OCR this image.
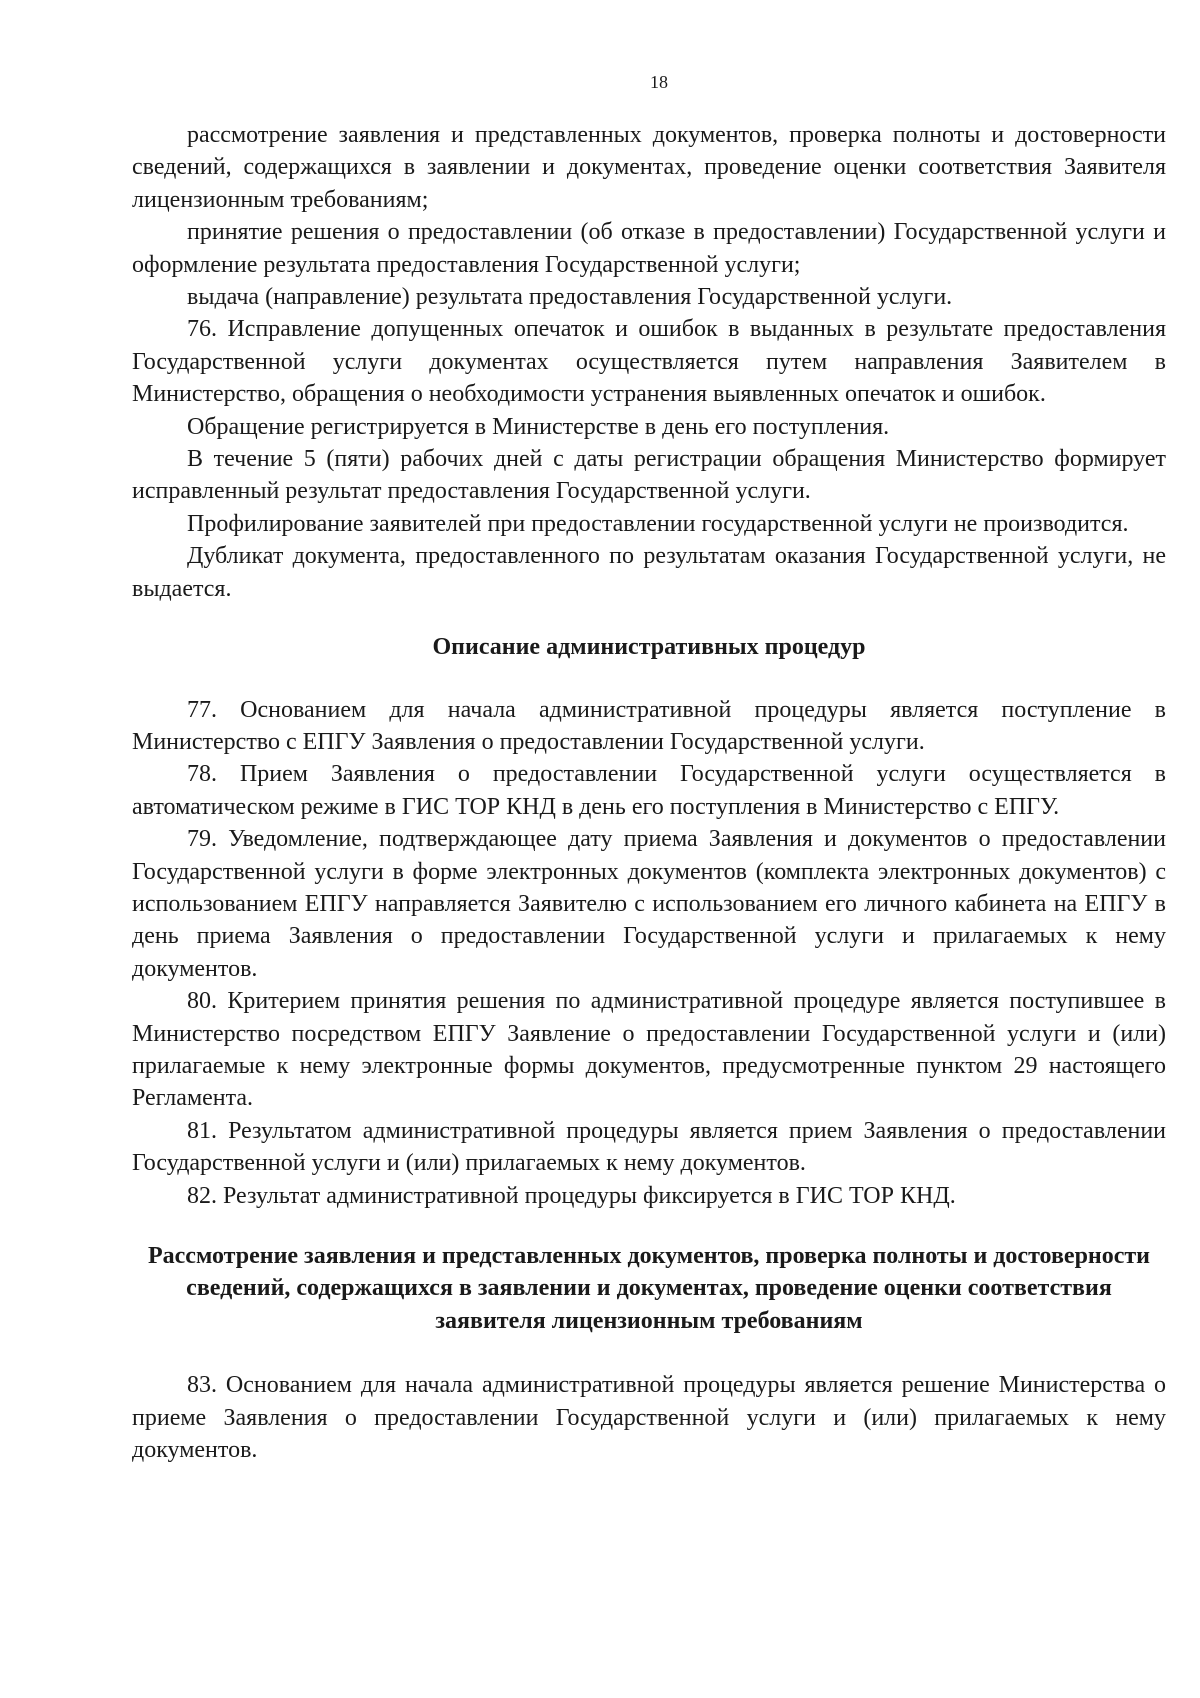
18

рассмотрение заявления и представленных документов, проверка полноты и достоверности сведений, содержащихся в заявлении и документах, проведение оценки соответствия Заявителя лицензионным требованиям;

принятие решения о предоставлении (об отказе в предоставлении) Государственной услуги и оформление результата предоставления Государственной услуги;

выдача (направление) результата предоставления Государственной услуги.

76. Исправление допущенных опечаток и ошибок в выданных в результате предоставления Государственной услуги документах осуществляется путем направления Заявителем в Министерство, обращения о необходимости устранения выявленных опечаток и ошибок.

Обращение регистрируется в Министерстве в день его поступления.

В течение 5 (пяти) рабочих дней с даты регистрации обращения Министерство формирует исправленный результат предоставления Государственной услуги.

Профилирование заявителей при предоставлении государственной услуги не производится.

Дубликат документа, предоставленного по результатам оказания Государственной услуги, не выдается.

Описание административных процедур

77. Основанием для начала административной процедуры является поступление в Министерство с ЕПГУ Заявления о предоставлении Государственной услуги.

78. Прием Заявления о предоставлении Государственной услуги осуществляется в автоматическом режиме в ГИС ТОР КНД в день его поступления в Министерство с ЕПГУ.

79. Уведомление, подтверждающее дату приема Заявления и документов о предоставлении Государственной услуги в форме электронных документов (комплекта электронных документов) с использованием ЕПГУ направляется Заявителю с использованием его личного кабинета на ЕПГУ в день приема Заявления о предоставлении Государственной услуги и прилагаемых к нему документов.

80. Критерием принятия решения по административной процедуре является поступившее в Министерство посредством ЕПГУ Заявление о предоставлении Государственной услуги и (или) прилагаемые к нему электронные формы документов, предусмотренные пунктом 29 настоящего Регламента.

81. Результатом административной процедуры является прием Заявления о предоставлении Государственной услуги и (или) прилагаемых к нему документов.

82. Результат административной процедуры фиксируется в ГИС ТОР КНД.

Рассмотрение заявления и представленных документов, проверка полноты и достоверности сведений, содержащихся в заявлении и документах, проведение оценки соответствия заявителя лицензионным требованиям

83. Основанием для начала административной процедуры является решение Министерства о приеме Заявления о предоставлении Государственной услуги и (или) прилагаемых к нему документов.
